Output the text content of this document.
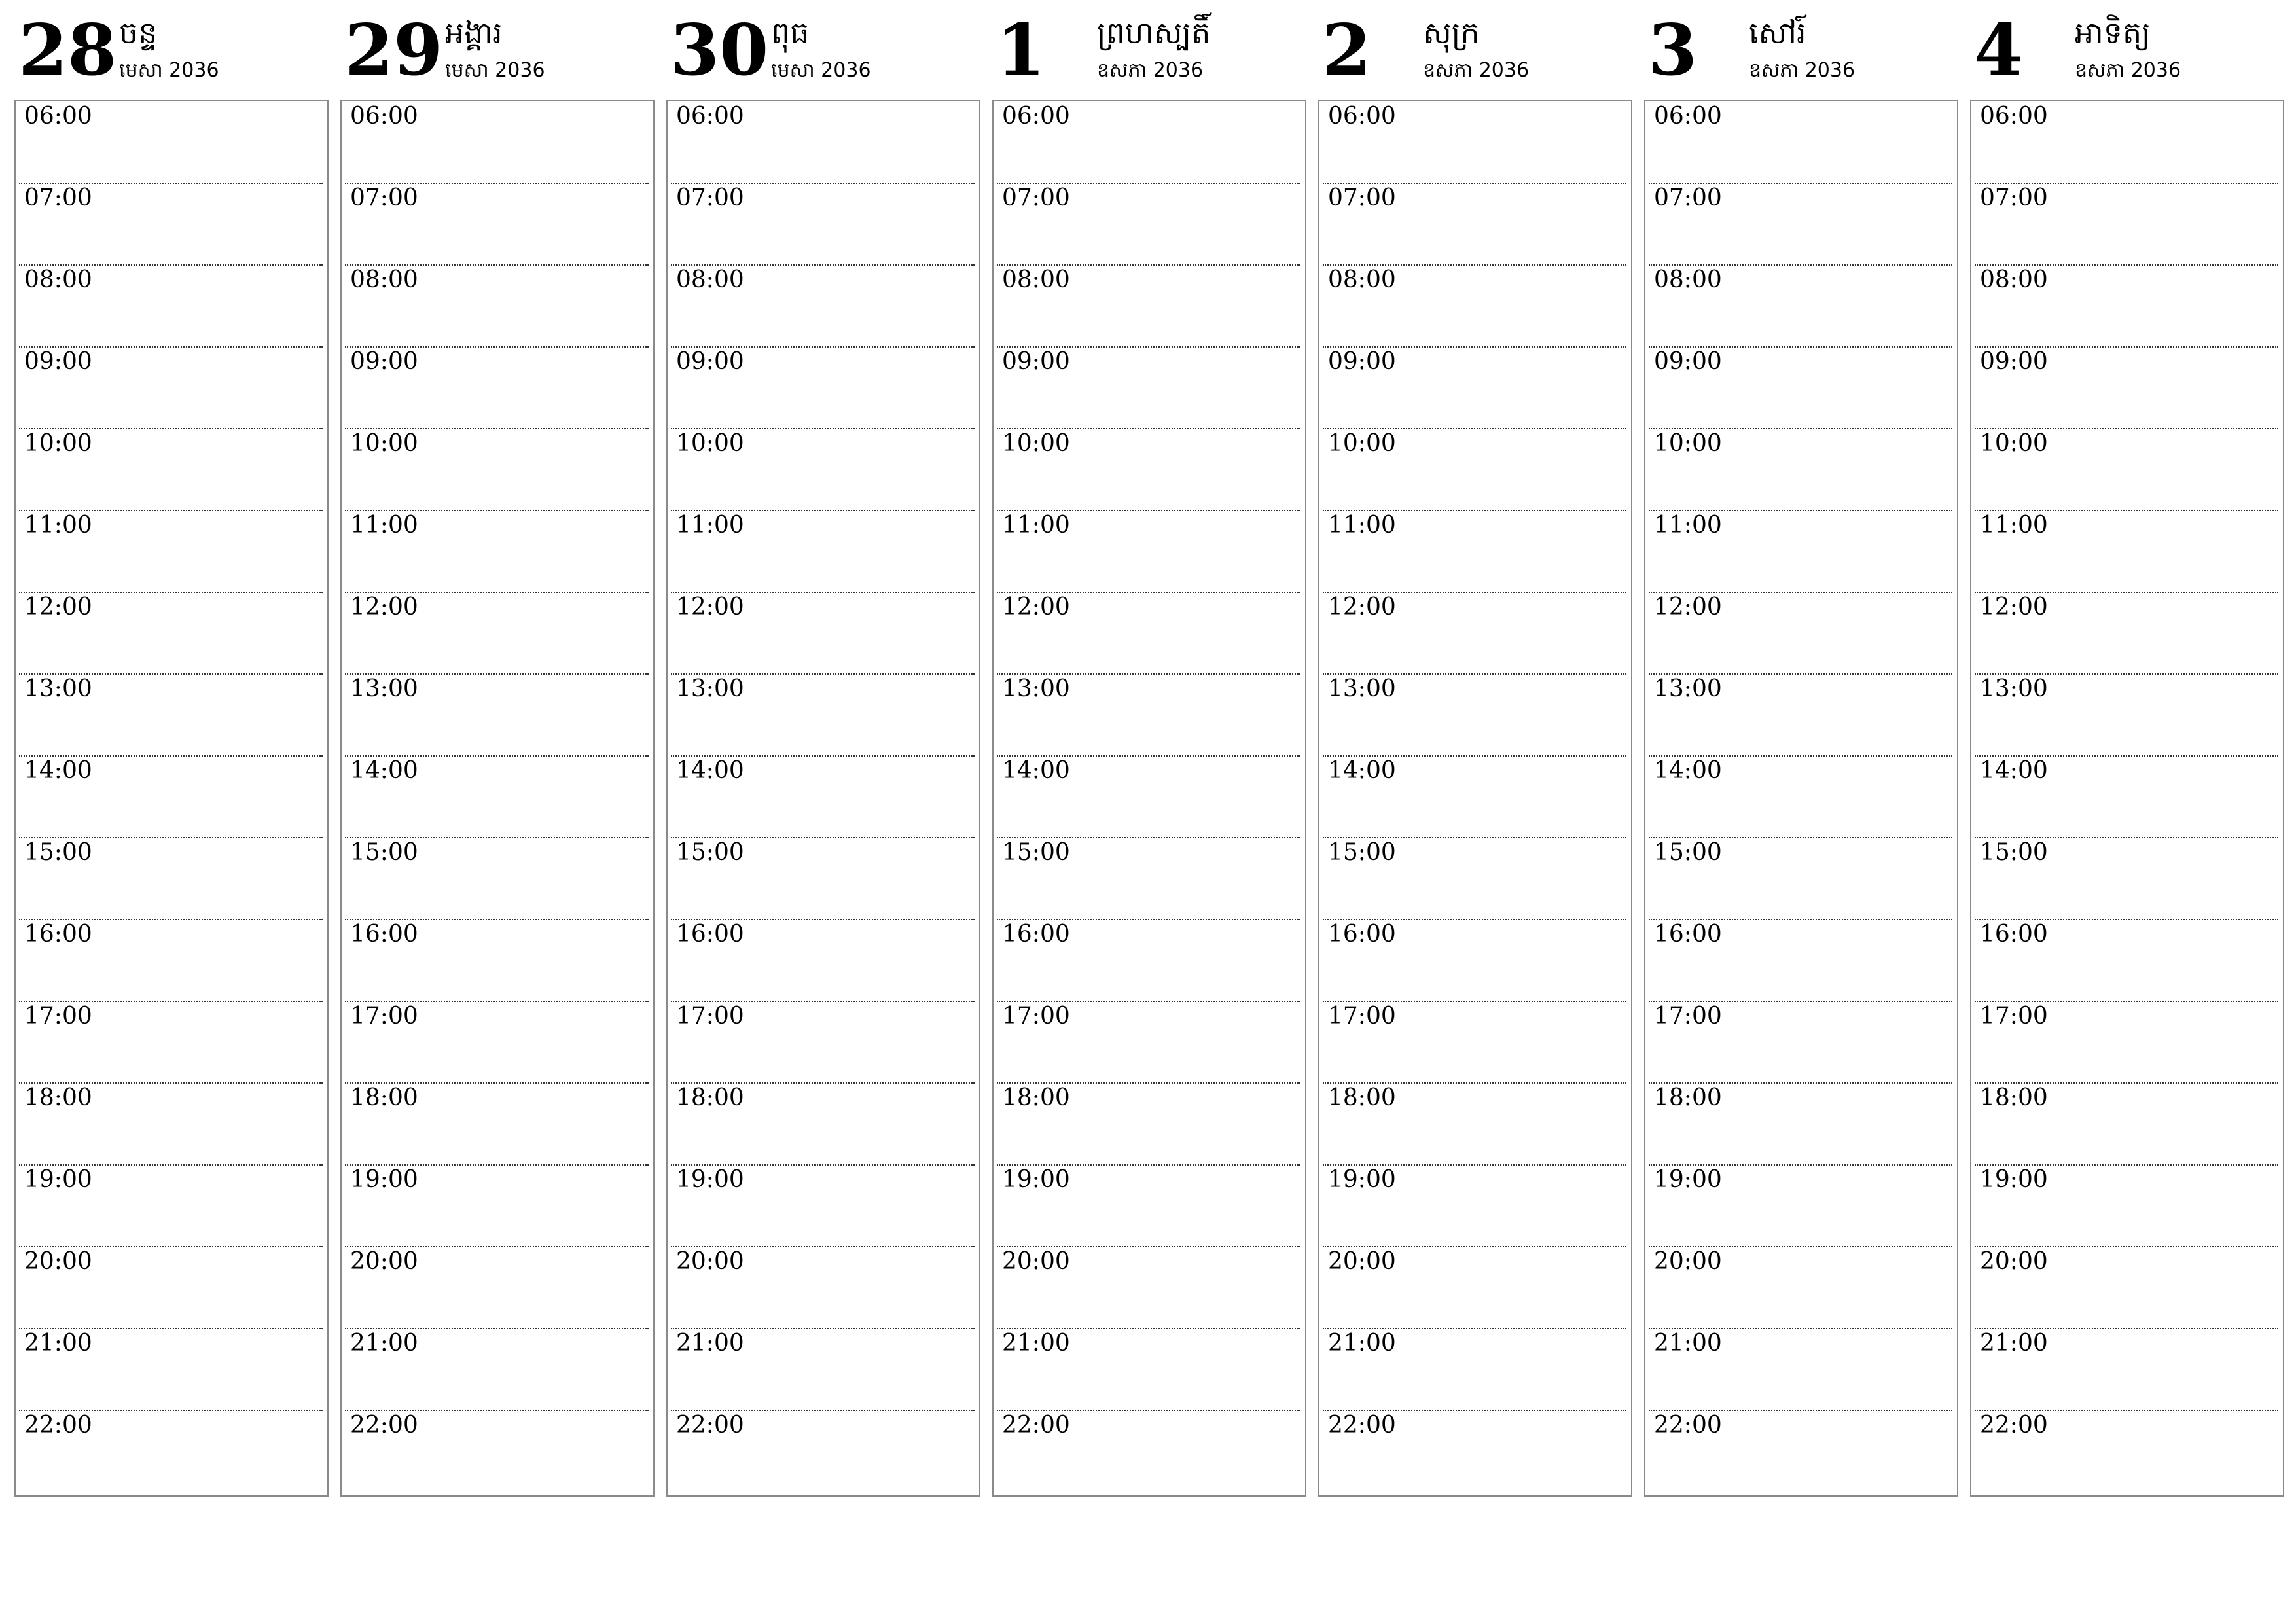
28 ចន្ទ
មេសា 2036
06:00
07:00
08:00
09:00
10:00
11:00
12:00
13:00
14:00
15:00
16:00
17:00
18:00
19:00
20:00
21:00
22:00
29 អង្គារ
មេសា 2036
06:00
07:00
08:00
09:00
10:00
11:00
12:00
13:00
14:00
15:00
16:00
17:00
18:00
19:00
20:00
21:00
22:00
30 ពុធ
មេសា 2036
06:00
07:00
08:00
09:00
10:00
11:00
12:00
13:00
14:00
15:00
16:00
17:00
18:00
19:00
20:00
21:00
22:00
1 ព្រហស្បតិ៍
ឧសភា 2036
06:00
07:00
08:00
09:00
10:00
11:00
12:00
13:00
14:00
15:00
16:00
17:00
18:00
19:00
20:00
21:00
22:00
2 សុក្រ
ឧសភា 2036
06:00
07:00
08:00
09:00
10:00
11:00
12:00
13:00
14:00
15:00
16:00
17:00
18:00
19:00
20:00
21:00
22:00
3 សៅរ៍
ឧសភា 2036
06:00
07:00
08:00
09:00
10:00
11:00
12:00
13:00
14:00
15:00
16:00
17:00
18:00
19:00
20:00
21:00
22:00
4 អាទិត្យ
ឧសភា 2036
06:00
07:00
08:00
09:00
10:00
11:00
12:00
13:00
14:00
15:00
16:00
17:00
18:00
19:00
20:00
21:00
22:00
